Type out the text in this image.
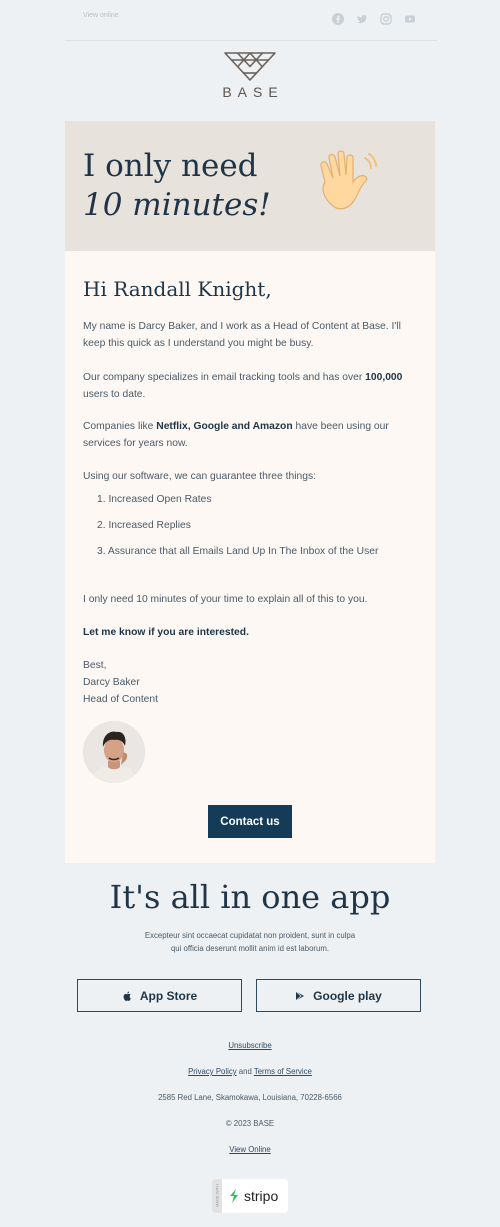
View online
BASE
I only need
10 minutes!
Hi Randall Knight,

My name is Darcy Baker, and I work as a Head of Content at Base. I'll keep this quick as I understand you might be busy.

Our company specializes in email tracking tools and has over 100,000 users to date.

Companies like Netflix, Google and Amazon have been using our services for years now.

Using our software, we can guarantee three things:

1. Increased Open Rates
2. Increased Replies
3. Assurance that all Emails Land Up In The Inbox of the User

I only need 10 minutes of your time to explain all of this to you.

Let me know if you are interested.

Best,
Darcy Baker
Head of Content

Contact us
It's all in one app

Excepteur sint occaecat cupidatat non proident, sunt in culpa qui officia deserunt mollit anim id est laborum.

App Store	Google play
Unsubscribe
Privacy Policy and Terms of Service
2585 Red Lane, Skamokawa, Louisiana, 70228-6566
© 2023 BASE
View Online
MADE WITH stripo
